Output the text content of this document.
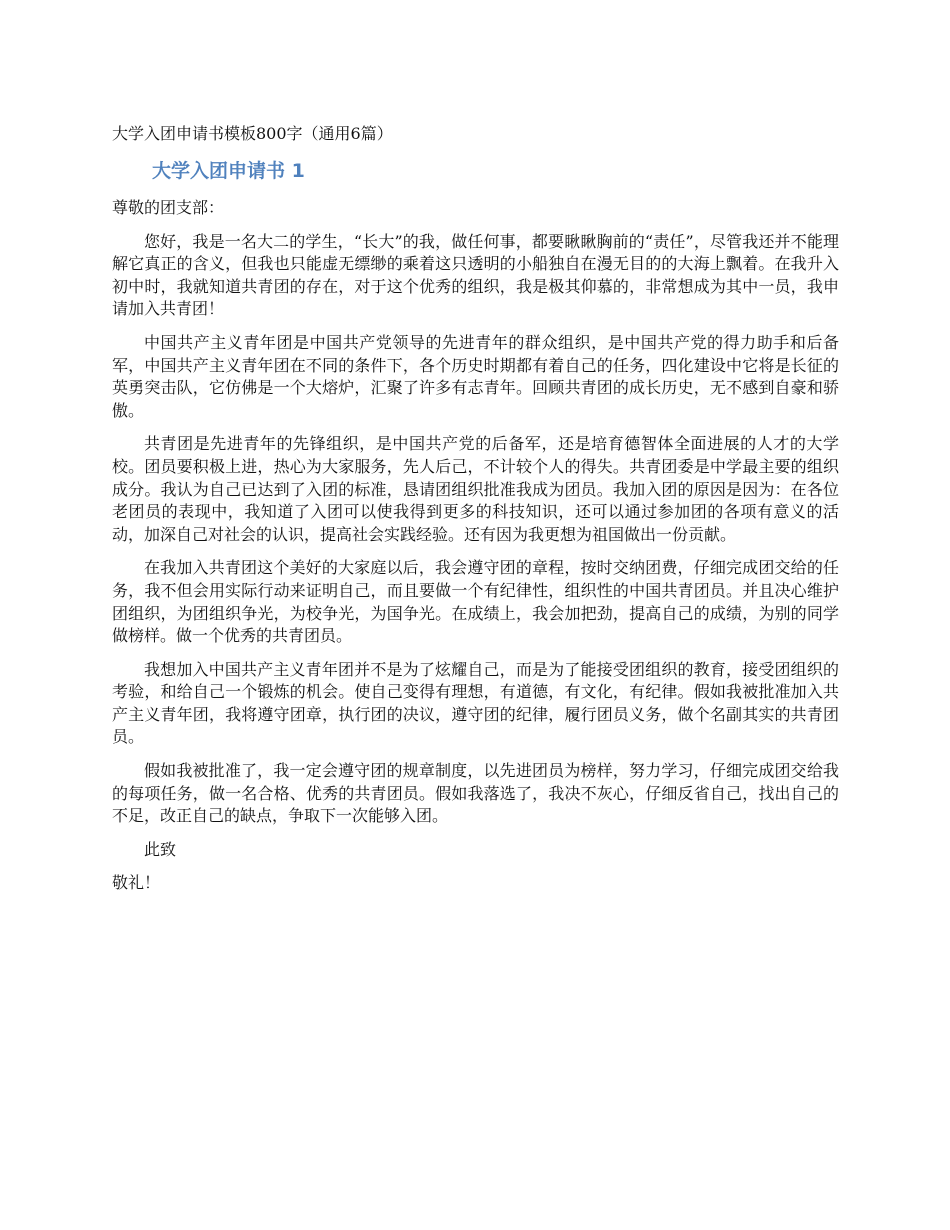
大学入团申请书模板800字（通用6篇）
大学入团申请书 1
尊敬的团支部：

您好，我是一名大二的学生，“长大”的我，做任何事，都要瞅瞅胸前的“责任”，尽管我还并不能理解它真正的含义，但我也只能虚无缥缈的乘着这只透明的小船独自在漫无目的的大海上飘着。在我升入初中时，我就知道共青团的存在，对于这个优秀的组织，我是极其仰慕的，非常想成为其中一员，我申请加入共青团！

中国共产主义青年团是中国共产党领导的先进青年的群众组织，是中国共产党的得力助手和后备军，中国共产主义青年团在不同的条件下，各个历史时期都有着自己的任务，四化建设中它将是长征的英勇突击队，它仿佛是一个大熔炉，汇聚了许多有志青年。回顾共青团的成长历史，无不感到自豪和骄傲。

共青团是先进青年的先锋组织，是中国共产党的后备军，还是培育德智体全面进展的人才的大学校。团员要积极上进，热心为大家服务，先人后己，不计较个人的得失。共青团委是中学最主要的组织成分。我认为自己已达到了入团的标准，恳请团组织批准我成为团员。我加入团的原因是因为：在各位老团员的表现中，我知道了入团可以使我得到更多的科技知识，还可以通过参加团的各项有意义的活动，加深自己对社会的认识，提高社会实践经验。还有因为我更想为祖国做出一份贡献。

在我加入共青团这个美好的大家庭以后，我会遵守团的章程，按时交纳团费，仔细完成团交给的任务，我不但会用实际行动来证明自己，而且要做一个有纪律性，组织性的中国共青团员。并且决心维护团组织，为团组织争光，为校争光，为国争光。在成绩上，我会加把劲，提高自己的成绩，为别的同学做榜样。做一个优秀的共青团员。

我想加入中国共产主义青年团并不是为了炫耀自己，而是为了能接受团组织的教育，接受团组织的考验，和给自己一个锻炼的机会。使自己变得有理想，有道德，有文化，有纪律。假如我被批准加入共产主义青年团，我将遵守团章，执行团的决议，遵守团的纪律，履行团员义务，做个名副其实的共青团员。

假如我被批准了，我一定会遵守团的规章制度，以先进团员为榜样，努力学习，仔细完成团交给我的每项任务，做一名合格、优秀的共青团员。假如我落选了，我决不灰心，仔细反省自己，找出自己的不足，改正自己的缺点，争取下一次能够入团。

此致
敬礼！
